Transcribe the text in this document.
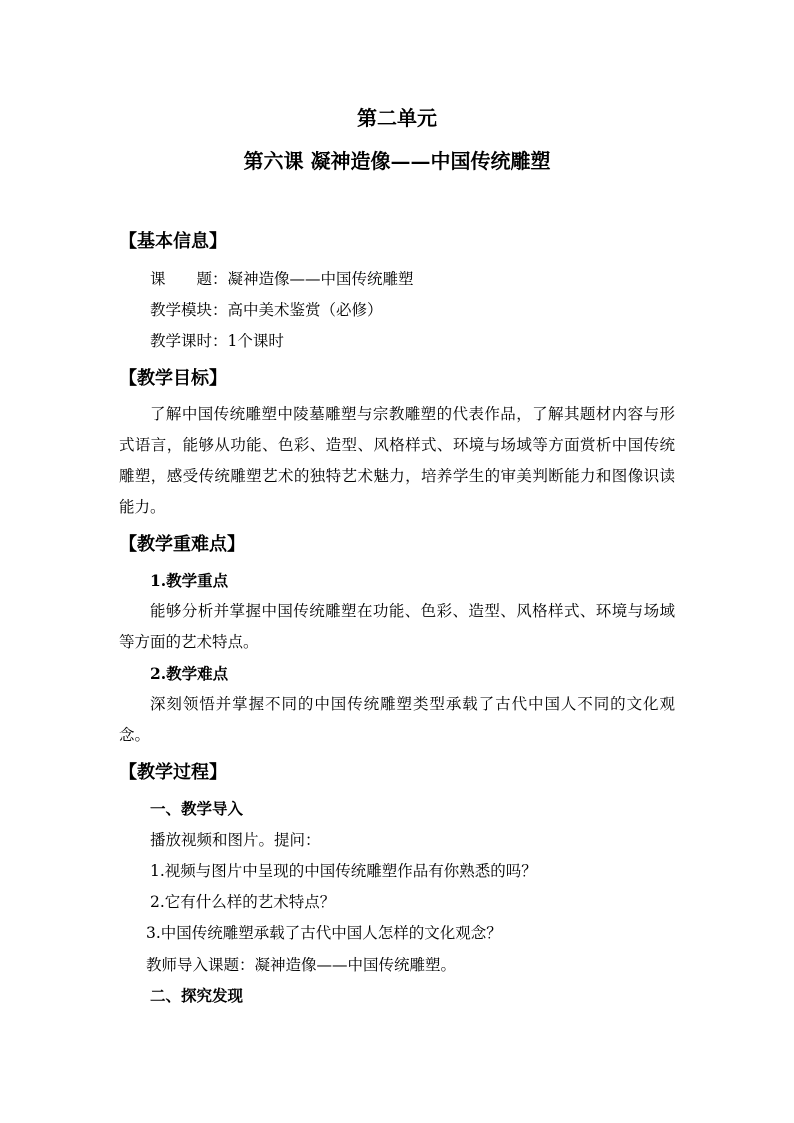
第二单元
第六课 凝神造像——中国传统雕塑
【基本信息】
课　　题：凝神造像——中国传统雕塑
教学模块：高中美术鉴赏（必修）
教学课时：1个课时
【教学目标】
了解中国传统雕塑中陵墓雕塑与宗教雕塑的代表作品，了解其题材内容与形式语言，能够从功能、色彩、造型、风格样式、环境与场域等方面赏析中国传统雕塑，感受传统雕塑艺术的独特艺术魅力，培养学生的审美判断能力和图像识读能力。
【教学重难点】
1.教学重点
能够分析并掌握中国传统雕塑在功能、色彩、造型、风格样式、环境与场域等方面的艺术特点。
2.教学难点
深刻领悟并掌握不同的中国传统雕塑类型承载了古代中国人不同的文化观念。
【教学过程】
一、教学导入
播放视频和图片。提问：
1.视频与图片中呈现的中国传统雕塑作品有你熟悉的吗？
2.它有什么样的艺术特点？
3.中国传统雕塑承载了古代中国人怎样的文化观念？
教师导入课题：凝神造像——中国传统雕塑。
二、探究发现
